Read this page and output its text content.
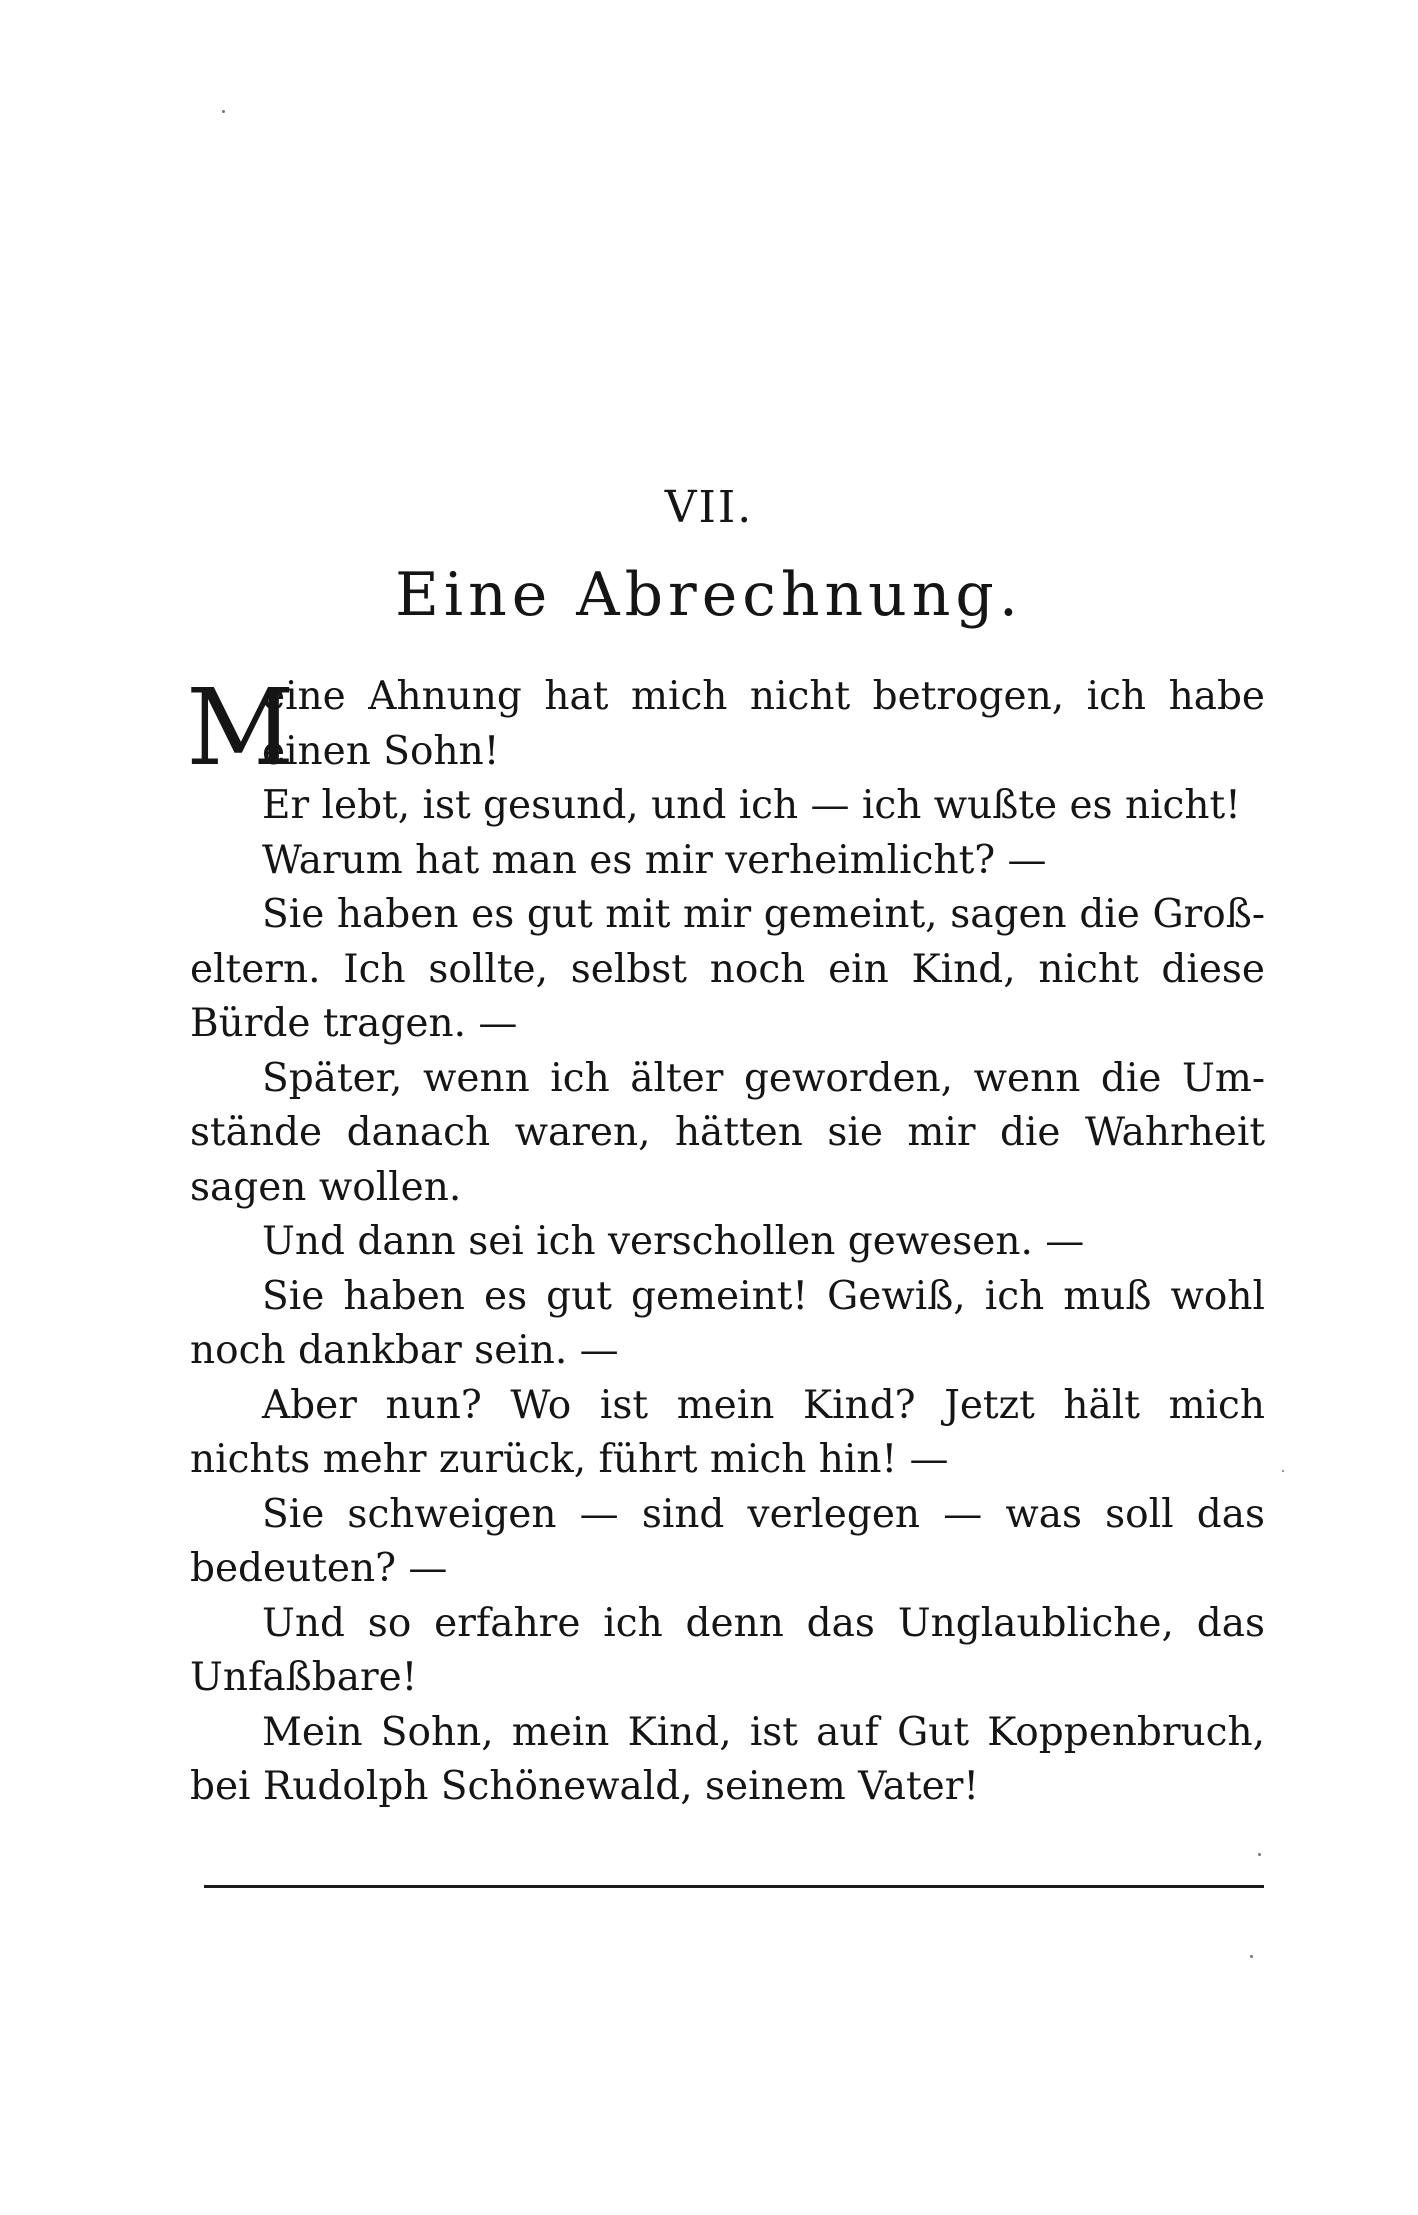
VII.
Eine Abrechnung.
M
eine Ahnung hat mich nicht betrogen, ich habe
einen Sohn!
Er lebt, ist gesund, und ich — ich wußte es nicht!
Warum hat man es mir verheimlicht? —
Sie haben es gut mit mir gemeint, sagen die Groß-
eltern. Ich sollte, selbst noch ein Kind, nicht diese
Bürde tragen. —
Später, wenn ich älter geworden, wenn die Um-
stände danach waren, hätten sie mir die Wahrheit
sagen wollen.
Und dann sei ich verschollen gewesen. —
Sie haben es gut gemeint! Gewiß, ich muß wohl
noch dankbar sein. —
Aber nun? Wo ist mein Kind? Jetzt hält mich
nichts mehr zurück, führt mich hin! —
Sie schweigen — sind verlegen — was soll das
bedeuten? —
Und so erfahre ich denn das Unglaubliche, das
Unfaßbare!
Mein Sohn, mein Kind, ist auf Gut Koppenbruch,
bei Rudolph Schönewald, seinem Vater!
